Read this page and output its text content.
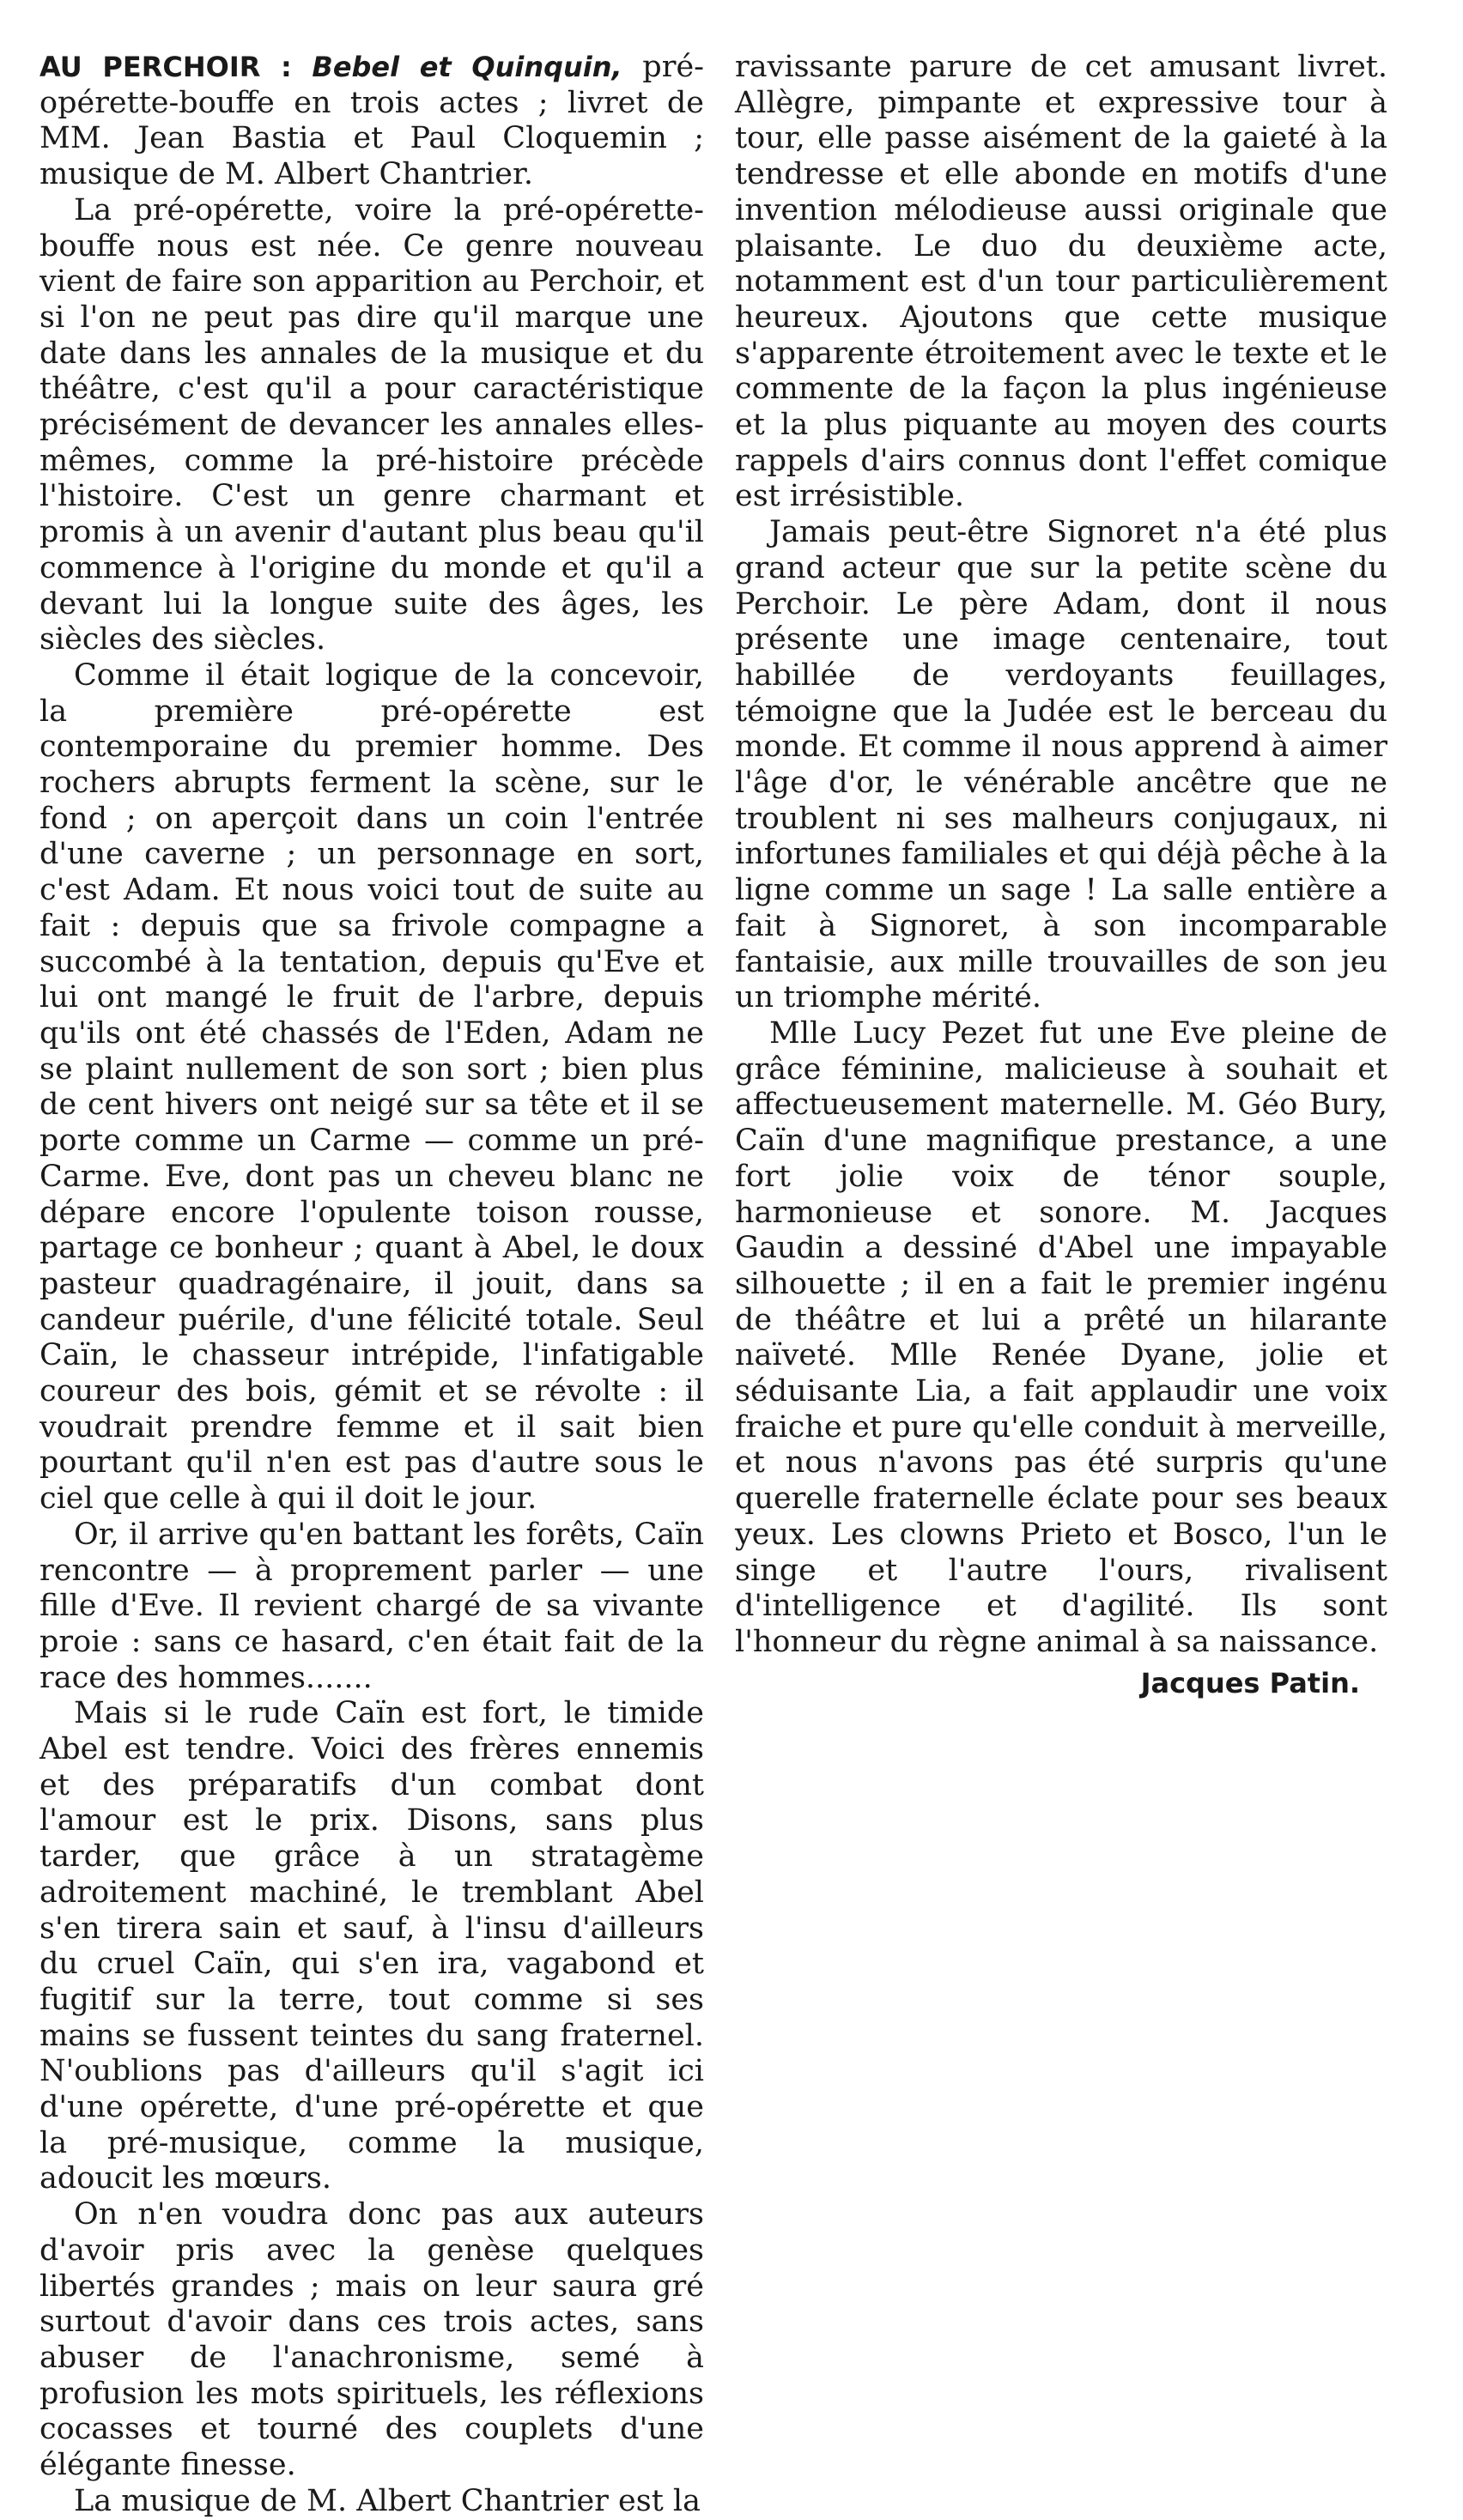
AU PERCHOIR : Bebel et Quinquin, pré-opérette-bouffe en trois actes ; livret de MM. Jean Bastia et Paul Cloquemin ; musique de M. Albert Chantrier.

La pré-opérette, voire la pré-opérette-bouffe nous est née. Ce genre nouveau vient de faire son apparition au Perchoir, et si l'on ne peut pas dire qu'il marque une date dans les annales de la musique et du théâtre, c'est qu'il a pour caractéristique précisément de devancer les annales elles-mêmes, comme la pré-histoire précède l'histoire. C'est un genre charmant et promis à un avenir d'autant plus beau qu'il commence à l'origine du monde et qu'il a devant lui la longue suite des âges, les siècles des siècles.

Comme il était logique de la concevoir, la première pré-opérette est contemporaine du premier homme. Des rochers abrupts ferment la scène, sur le fond ; on aperçoit dans un coin l'entrée d'une caverne ; un personnage en sort, c'est Adam. Et nous voici tout de suite au fait : depuis que sa frivole compagne a succombé à la tentation, depuis qu'Eve et lui ont mangé le fruit de l'arbre, depuis qu'ils ont été chassés de l'Eden, Adam ne se plaint nullement de son sort ; bien plus de cent hivers ont neigé sur sa tête et il se porte comme un Carme — comme un pré-Carme. Eve, dont pas un cheveu blanc ne dépare encore l'opulente toison rousse, partage ce bonheur ; quant à Abel, le doux pasteur quadragénaire, il jouit, dans sa candeur puérile, d'une félicité totale. Seul Caïn, le chasseur intrépide, l'infatigable coureur des bois, gémit et se révolte : il voudrait prendre femme et il sait bien pourtant qu'il n'en est pas d'autre sous le ciel que celle à qui il doit le jour.

Or, il arrive qu'en battant les forêts, Caïn rencontre — à proprement parler — une fille d'Eve. Il revient chargé de sa vivante proie : sans ce hasard, c'en était fait de la race des hommes.......

Mais si le rude Caïn est fort, le timide Abel est tendre. Voici des frères ennemis et des préparatifs d'un combat dont l'amour est le prix. Disons, sans plus tarder, que grâce à un stratagème adroitement machiné, le tremblant Abel s'en tirera sain et sauf, à l'insu d'ailleurs du cruel Caïn, qui s'en ira, vagabond et fugitif sur la terre, tout comme si ses mains se fussent teintes du sang fraternel. N'oublions pas d'ailleurs qu'il s'agit ici d'une opérette, d'une pré-opérette et que la pré-musique, comme la musique, adoucit les mœurs.

On n'en voudra donc pas aux auteurs d'avoir pris avec la genèse quelques libertés grandes ; mais on leur saura gré surtout d'avoir dans ces trois actes, sans abuser de l'anachronisme, semé à profusion les mots spirituels, les réflexions cocasses et tourné des couplets d'une élégante finesse.

La musique de M. Albert Chantrier est la

ravissante parure de cet amusant livret. Allègre, pimpante et expressive tour à tour, elle passe aisément de la gaieté à la tendresse et elle abonde en motifs d'une invention mélodieuse aussi originale que plaisante. Le duo du deuxième acte, notamment est d'un tour particulièrement heureux. Ajoutons que cette musique s'apparente étroitement avec le texte et le commente de la façon la plus ingénieuse et la plus piquante au moyen des courts rappels d'airs connus dont l'effet comique est irrésistible.

Jamais peut-être Signoret n'a été plus grand acteur que sur la petite scène du Perchoir. Le père Adam, dont il nous présente une image centenaire, tout habillée de verdoyants feuillages, témoigne que la Judée est le berceau du monde. Et comme il nous apprend à aimer l'âge d'or, le vénérable ancêtre que ne troublent ni ses malheurs conjugaux, ni infortunes familiales et qui déjà pêche à la ligne comme un sage ! La salle entière a fait à Signoret, à son incomparable fantaisie, aux mille trouvailles de son jeu un triomphe mérité.

Mlle Lucy Pezet fut une Eve pleine de grâce féminine, malicieuse à souhait et affectueusement maternelle. M. Géo Bury, Caïn d'une magnifique prestance, a une fort jolie voix de ténor souple, harmonieuse et sonore. M. Jacques Gaudin a dessiné d'Abel une impayable silhouette ; il en a fait le premier ingénu de théâtre et lui a prêté un hilarante naïveté. Mlle Renée Dyane, jolie et séduisante Lia, a fait applaudir une voix fraiche et pure qu'elle conduit à merveille, et nous n'avons pas été surpris qu'une querelle fraternelle éclate pour ses beaux yeux. Les clowns Prieto et Bosco, l'un le singe et l'autre l'ours, rivalisent d'intelligence et d'agilité. Ils sont l'honneur du règne animal à sa naissance.

Jacques Patin.
